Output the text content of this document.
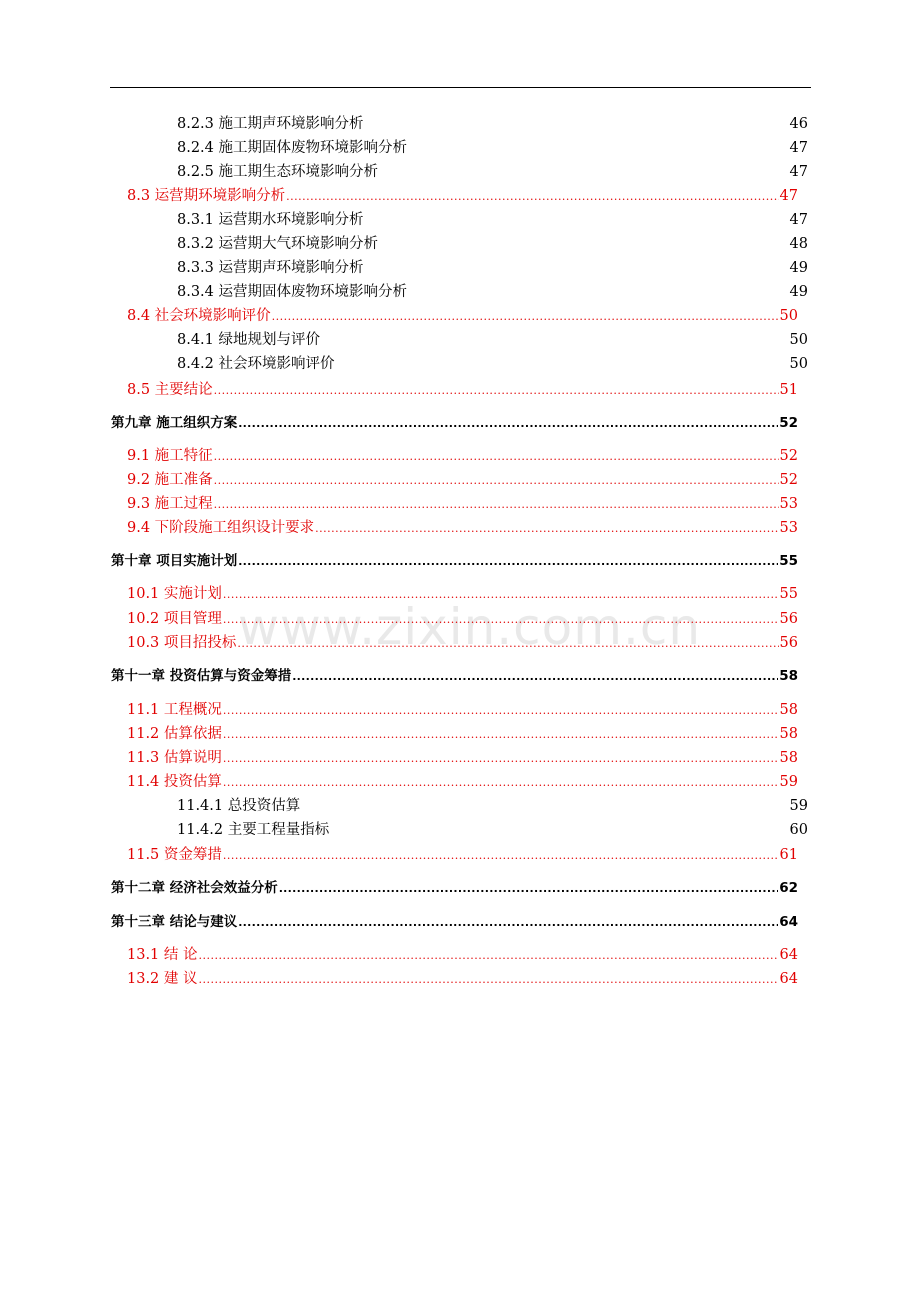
www.zixin.com.cn
8.2.3 施工期声环境影响分析	46
8.2.4 施工期固体废物环境影响分析	47
8.2.5 施工期生态环境影响分析	47
8.3 运营期环境影响分析 .....	47
8.3.1 运营期水环境影响分析	47
8.3.2 运营期大气环境影响分析	48
8.3.3 运营期声环境影响分析	49
8.3.4 运营期固体废物环境影响分析	49
8.4 社会环境影响评价 .....	50
8.4.1 绿地规划与评价	50
8.4.2 社会环境影响评价	50
8.5 主要结论 .....	51
第九章 施工组织方案 .....	52
9.1 施工特征 .....	52
9.2 施工准备 .....	52
9.3 施工过程 .....	53
9.4 下阶段施工组织设计要求 .....	53
第十章 项目实施计划 .....	55
10.1 实施计划 .....	55
10.2 项目管理 .....	56
10.3 项目招投标 .....	56
第十一章 投资估算与资金筹措 .....	58
11.1 工程概况 .....	58
11.2 估算依据 .....	58
11.3 估算说明 .....	58
11.4 投资估算 .....	59
11.4.1 总投资估算	59
11.4.2 主要工程量指标	60
11.5 资金筹措 .....	61
第十二章 经济社会效益分析 .....	62
第十三章 结论与建议 .....	64
13.1 结 论 .....	64
13.2 建 议 .....	64
